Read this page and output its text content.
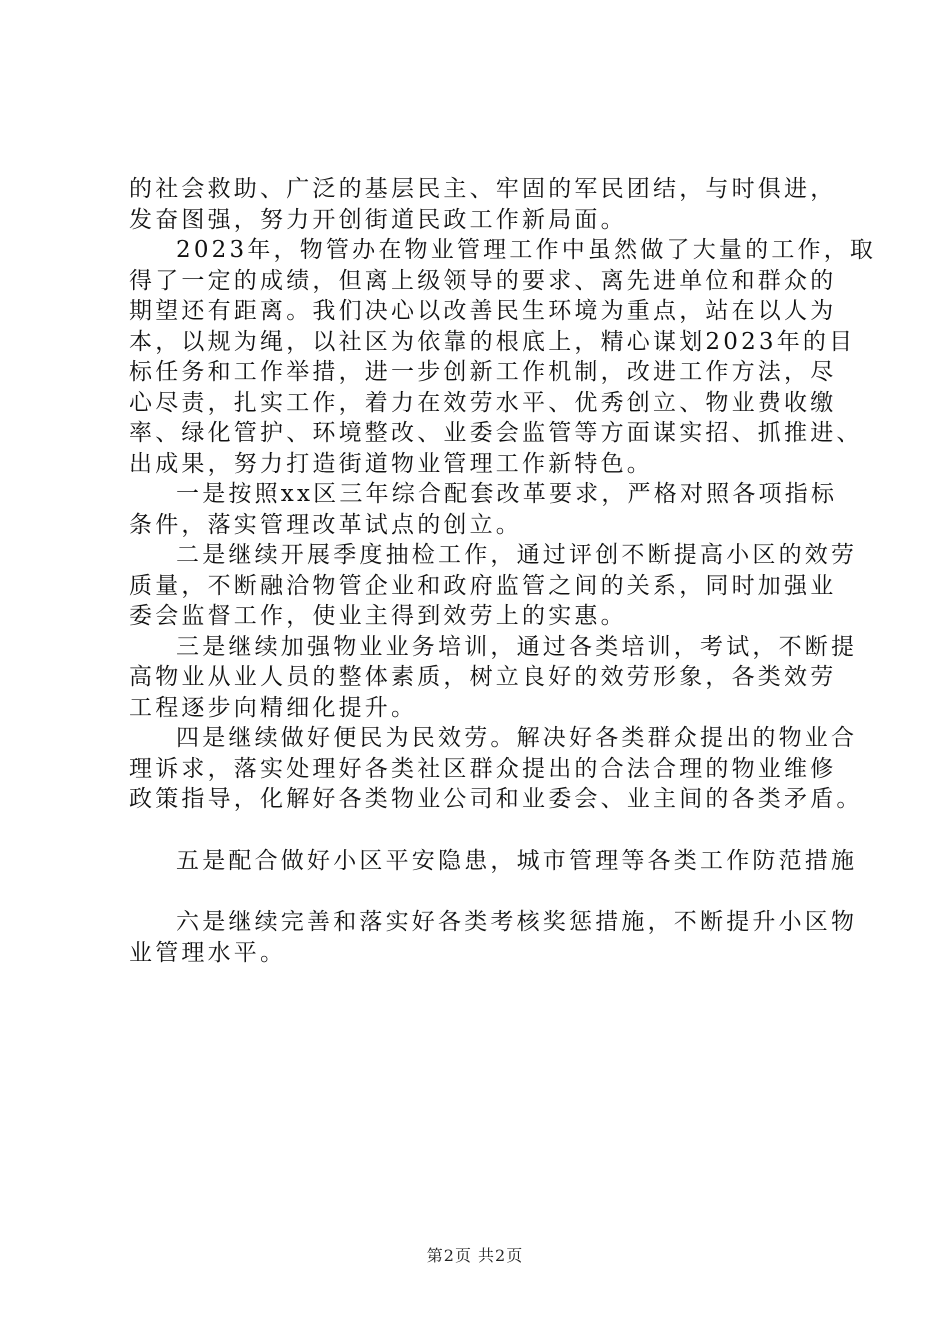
的社会救助、广泛的基层民主、牢固的军民团结，与时俱进，
发奋图强，努力开创街道民政工作新局面。
2023年，物管办在物业管理工作中虽然做了大量的工作，取
得了一定的成绩，但离上级领导的要求、离先进单位和群众的
期望还有距离。我们决心以改善民生环境为重点，站在以人为
本，以规为绳，以社区为依靠的根底上，精心谋划2023年的目
标任务和工作举措，进一步创新工作机制，改进工作方法，尽
心尽责，扎实工作，着力在效劳水平、优秀创立、物业费收缴
率、绿化管护、环境整改、业委会监管等方面谋实招、抓推进、
出成果，努力打造街道物业管理工作新特色。
一是按照xx区三年综合配套改革要求，严格对照各项指标
条件，落实管理改革试点的创立。
二是继续开展季度抽检工作，通过评创不断提高小区的效劳
质量，不断融洽物管企业和政府监管之间的关系，同时加强业
委会监督工作，使业主得到效劳上的实惠。
三是继续加强物业业务培训，通过各类培训，考试，不断提
高物业从业人员的整体素质，树立良好的效劳形象，各类效劳
工程逐步向精细化提升。
四是继续做好便民为民效劳。解决好各类群众提出的物业合
理诉求，落实处理好各类社区群众提出的合法合理的物业维修
政策指导，化解好各类物业公司和业委会、业主间的各类矛盾。
五是配合做好小区平安隐患，城市管理等各类工作防范措施
六是继续完善和落实好各类考核奖惩措施，不断提升小区物
业管理水平。
第2页 共2页
